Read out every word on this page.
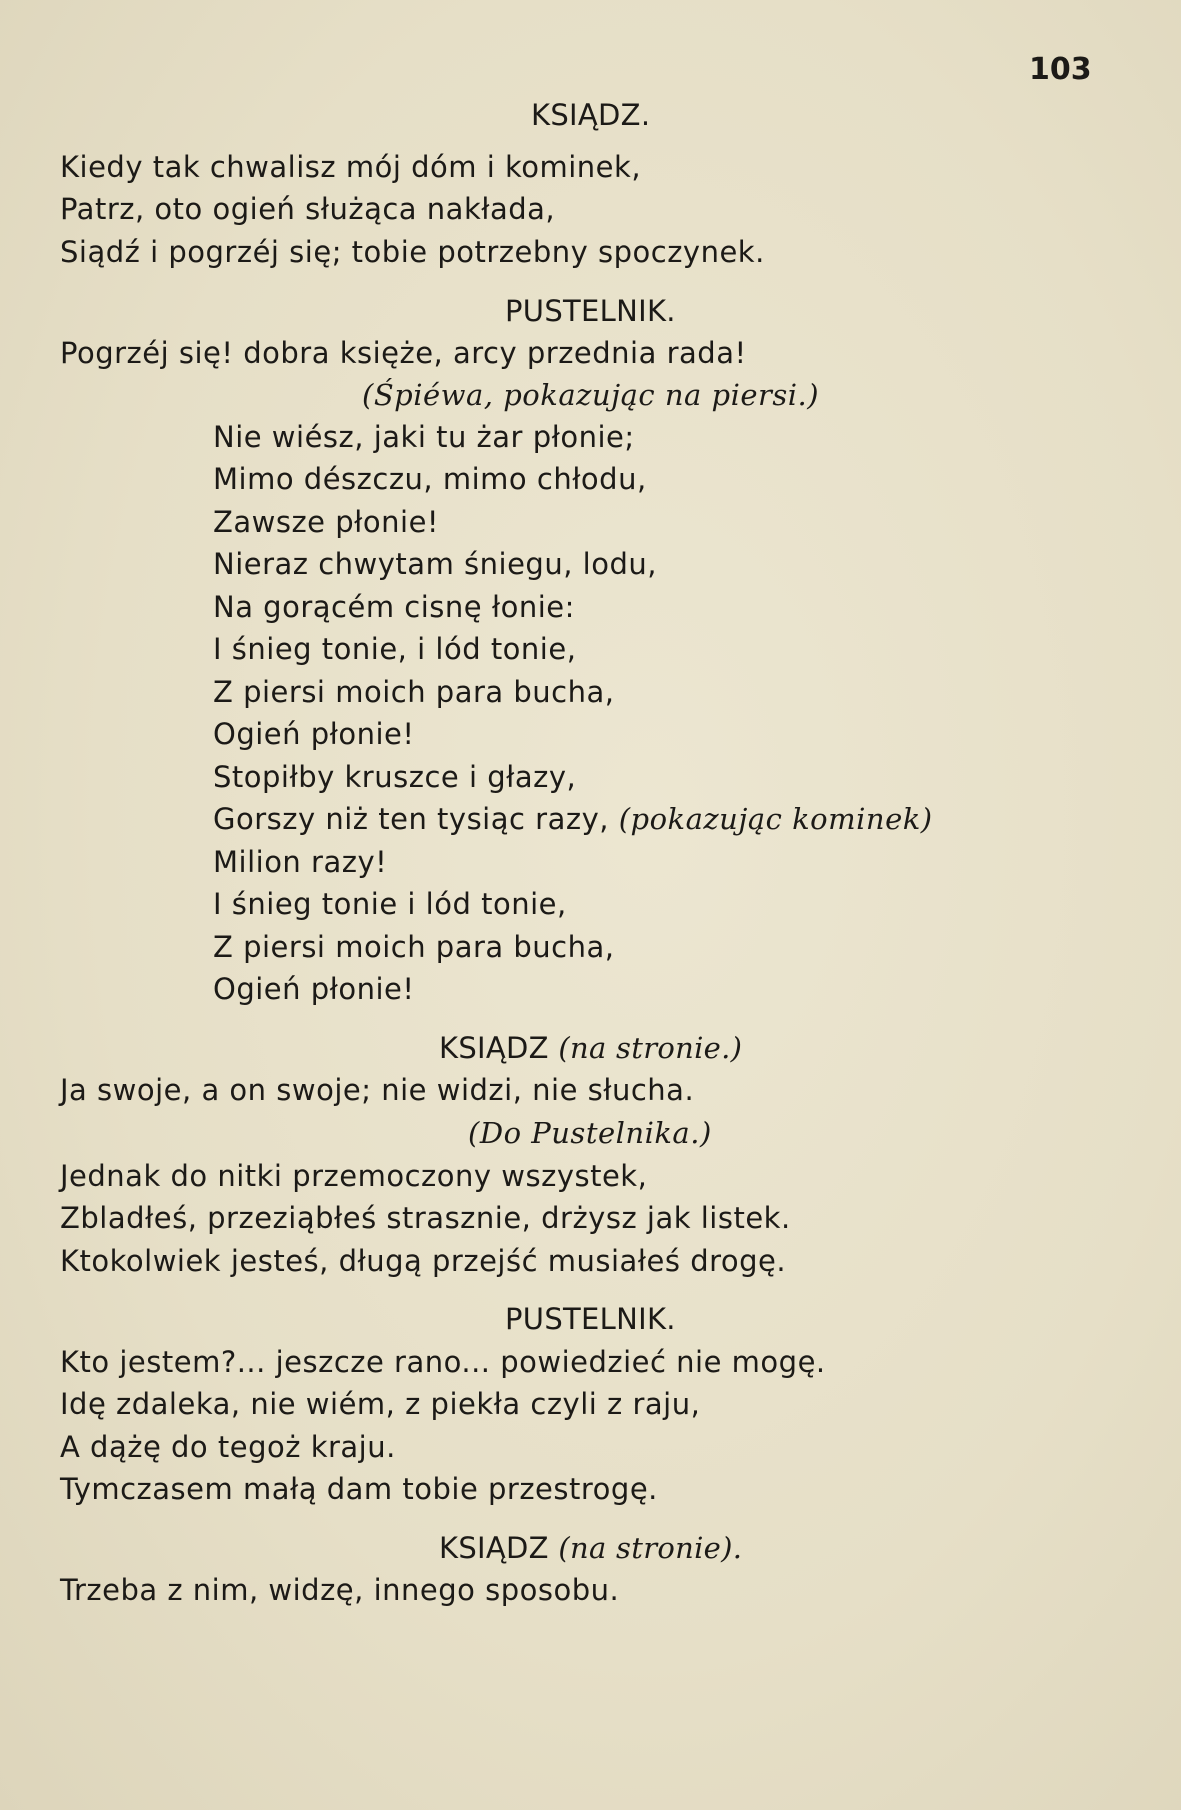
103
KSIĄDZ.
Kiedy tak chwalisz mój dóm i kominek,
Patrz, oto ogień służąca nakłada,
Siądź i pogrzéj się; tobie potrzebny spoczynek.
PUSTELNIK.
Pogrzéj się! dobra księże, arcy przednia rada!
(Śpiéwa, pokazując na piersi.)
Nie wiész, jaki tu żar płonie;
Mimo dészczu, mimo chłodu,
Zawsze płonie!
Nieraz chwytam śniegu, lodu,
Na gorącém cisnę łonie:
I śnieg tonie, i lód tonie,
Z piersi moich para bucha,
Ogień płonie!
Stopiłby kruszce i głazy,
Gorszy niż ten tysiąc razy, (pokazując kominek)
Milion razy!
I śnieg tonie i lód tonie,
Z piersi moich para bucha,
Ogień płonie!
KSIĄDZ (na stronie.)
Ja swoje, a on swoje; nie widzi, nie słucha.
(Do Pustelnika.)
Jednak do nitki przemoczony wszystek,
Zbladłeś, przeziąbłeś strasznie, drżysz jak listek.
Ktokolwiek jesteś, długą przejść musiałeś drogę.
PUSTELNIK.
Kto jestem?... jeszcze rano... powiedzieć nie mogę.
Idę zdaleka, nie wiém, z piekła czyli z raju,
A dążę do tegoż kraju.
Tymczasem małą dam tobie przestrogę.
KSIĄDZ (na stronie).
Trzeba z nim, widzę, innego sposobu.
